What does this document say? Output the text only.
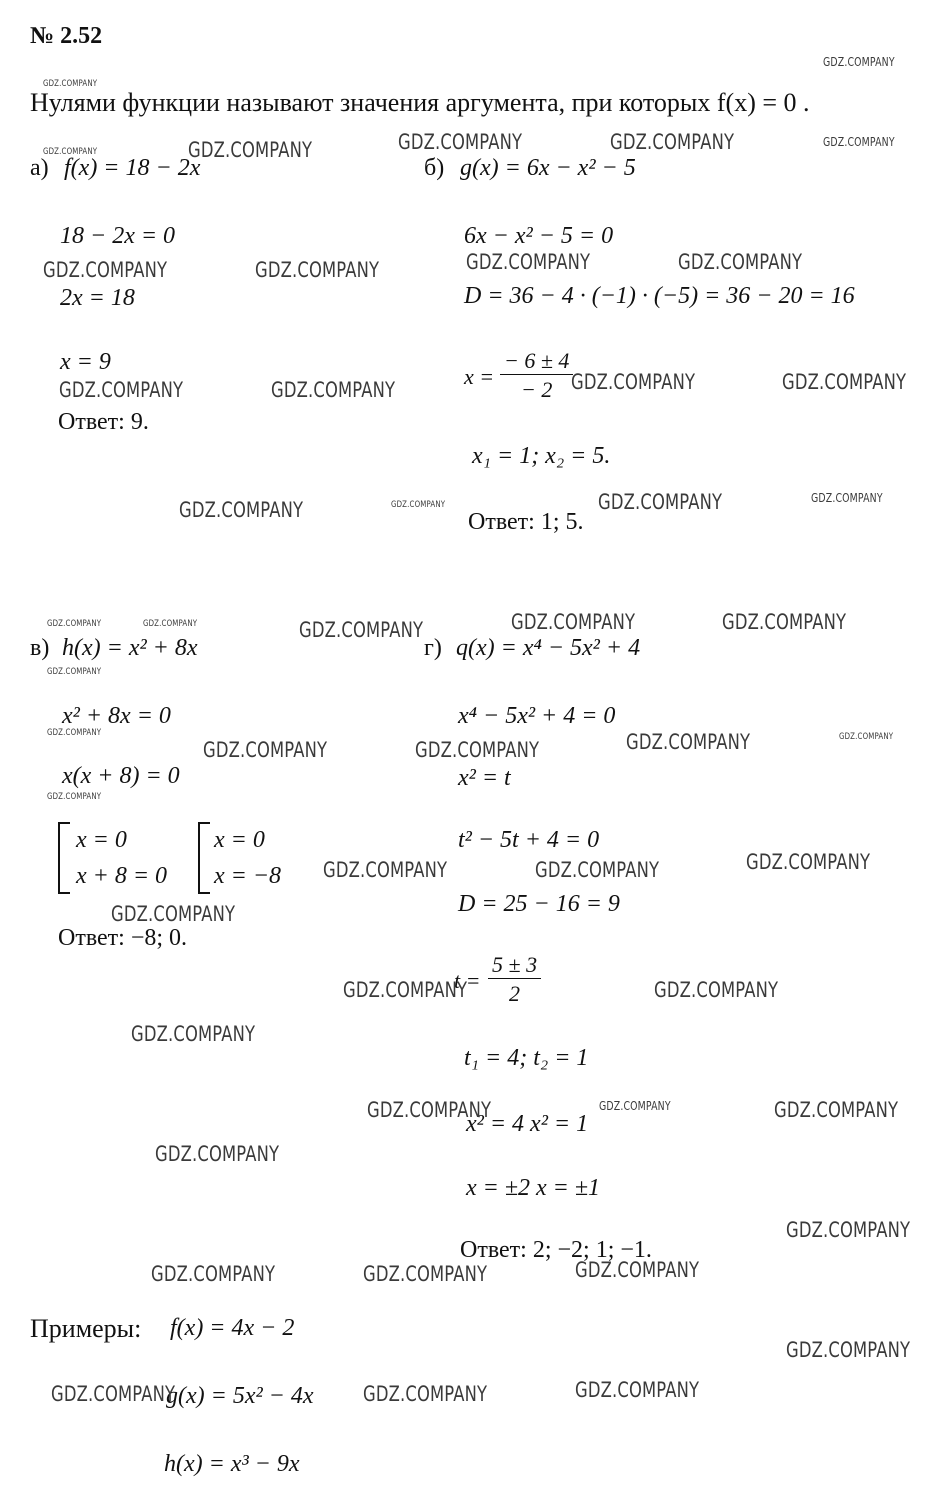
№ 2.52
Нулями функции называют значения аргумента, при которых f(x) = 0 .
а) f(x) = 18 − 2x
18 − 2x = 0
2x = 18
x = 9
Ответ: 9.
б) g(x) = 6x − x² − 5
6x − x² − 5 = 0
D = 36 − 4 · (−1) · (−5) = 36 − 20 = 16
$x = \frac{- 6 \pm 4}{- 2}$
x₁ = 1; x₂ = 5.
Ответ: 1; 5.
в) h(x) = x² + 8x
x² + 8x = 0
x(x + 8) = 0
x = 0
x + 8 = 0
x = 0
x = −8
Ответ: −8; 0.
г) q(x) = x⁴ − 5x² + 4
x⁴ − 5x² + 4 = 0
x² = t
t² − 5t + 4 = 0
D = 25 − 16 = 9
$t = \frac{5 \pm 3}{2}$
t₁ = 4; t₂ = 1
x² = 4 x² = 1
x = ±2 x = ±1
Ответ: 2; −2; 1; −1.
Примеры: f(x) = 4x − 2
g(x) = 5x² − 4x
h(x) = x³ − 9x
GDZ.COMPANY
GDZ.COMPANY
GDZ.COMPANY	GDZ.COMPANY	GDZ.COMPANY	GDZ.COMPANY
GDZ.COMPANY
GDZ.COMPANY	GDZ.COMPANY	GDZ.COMPANY	GDZ.COMPANY
GDZ.COMPANY	GDZ.COMPANY	GDZ.COMPANY	GDZ.COMPANY
GDZ.COMPANY	GDZ.COMPANY	GDZ.COMPANY	GDZ.COMPANY
GDZ.COMPANY	GDZ.COMPANY	GDZ.COMPANY	GDZ.COMPANY	GDZ.COMPANY
GDZ.COMPANY
GDZ.COMPANY
GDZ.COMPANY	GDZ.COMPANY	GDZ.COMPANY	GDZ.COMPANY
GDZ.COMPANY
GDZ.COMPANY	GDZ.COMPANY	GDZ.COMPANY
GDZ.COMPANY
GDZ.COMPANY	GDZ.COMPANY
GDZ.COMPANY
GDZ.COMPANY	GDZ.COMPANY	GDZ.COMPANY
GDZ.COMPANY
GDZ.COMPANY
GDZ.COMPANY	GDZ.COMPANY	GDZ.COMPANY
GDZ.COMPANY
GDZ.COMPANY	GDZ.COMPANY	GDZ.COMPANY
